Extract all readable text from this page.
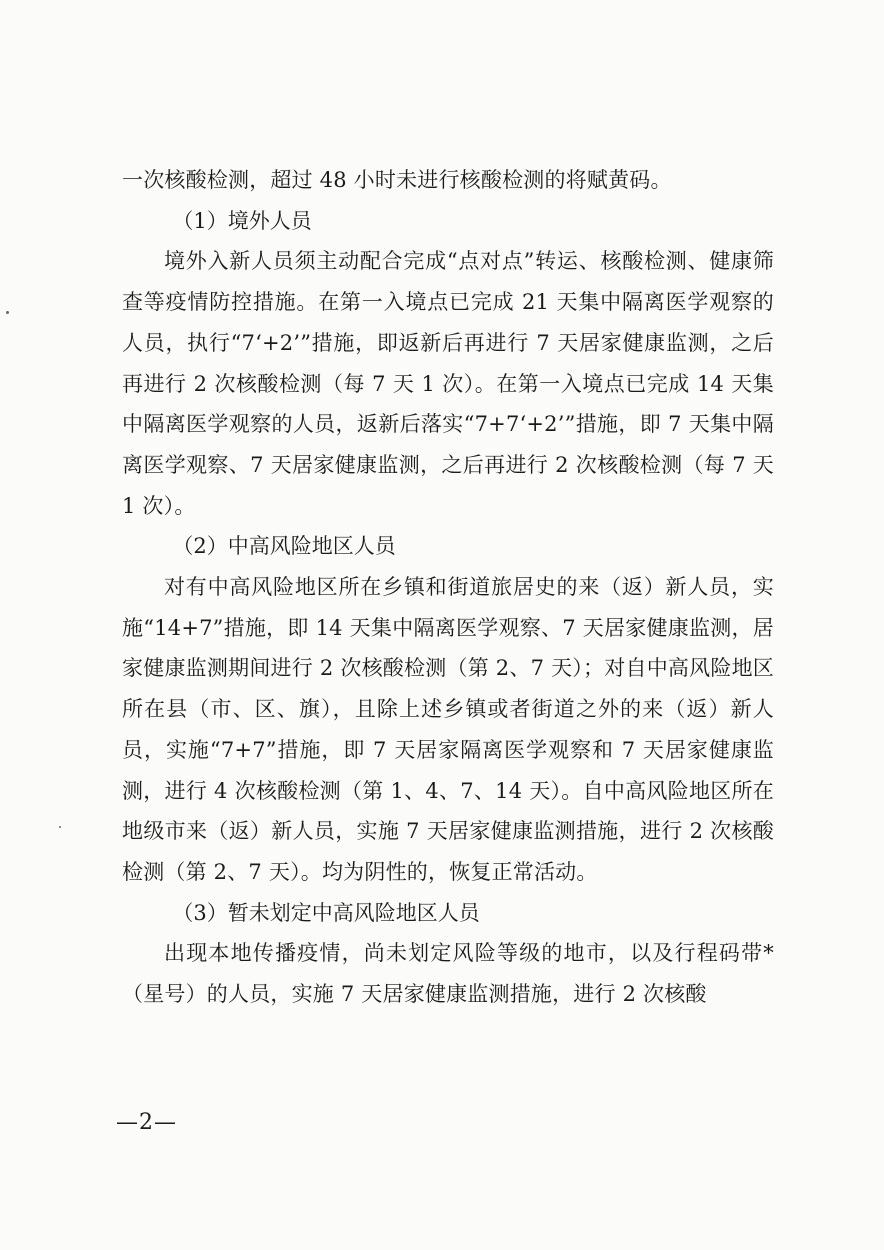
一次核酸检测，超过 48 小时未进行核酸检测的将赋黄码。

（1）境外人员

境外入新人员须主动配合完成“点对点”转运、核酸检测、健康筛查等疫情防控措施。在第一入境点已完成 21 天集中隔离医学观察的人员，执行“7‘+2’”措施，即返新后再进行 7 天居家健康监测，之后再进行 2 次核酸检测（每 7 天 1 次）。在第一入境点已完成 14 天集中隔离医学观察的人员，返新后落实“7+7‘+2’”措施，即 7 天集中隔离医学观察、7 天居家健康监测，之后再进行 2 次核酸检测（每 7 天 1 次）。

（2）中高风险地区人员

对有中高风险地区所在乡镇和街道旅居史的来（返）新人员，实施“14+7”措施，即 14 天集中隔离医学观察、7 天居家健康监测，居家健康监测期间进行 2 次核酸检测（第 2、7 天）；对自中高风险地区所在县（市、区、旗），且除上述乡镇或者街道之外的来（返）新人员，实施“7+7”措施，即 7 天居家隔离医学观察和 7 天居家健康监测，进行 4 次核酸检测（第 1、4、7、14 天）。自中高风险地区所在地级市来（返）新人员，实施 7 天居家健康监测措施，进行 2 次核酸检测（第 2、7 天）。均为阴性的，恢复正常活动。

（3）暂未划定中高风险地区人员

出现本地传播疫情，尚未划定风险等级的地市，以及行程码带*（星号）的人员，实施 7 天居家健康监测措施，进行 2 次核酸

—2—
